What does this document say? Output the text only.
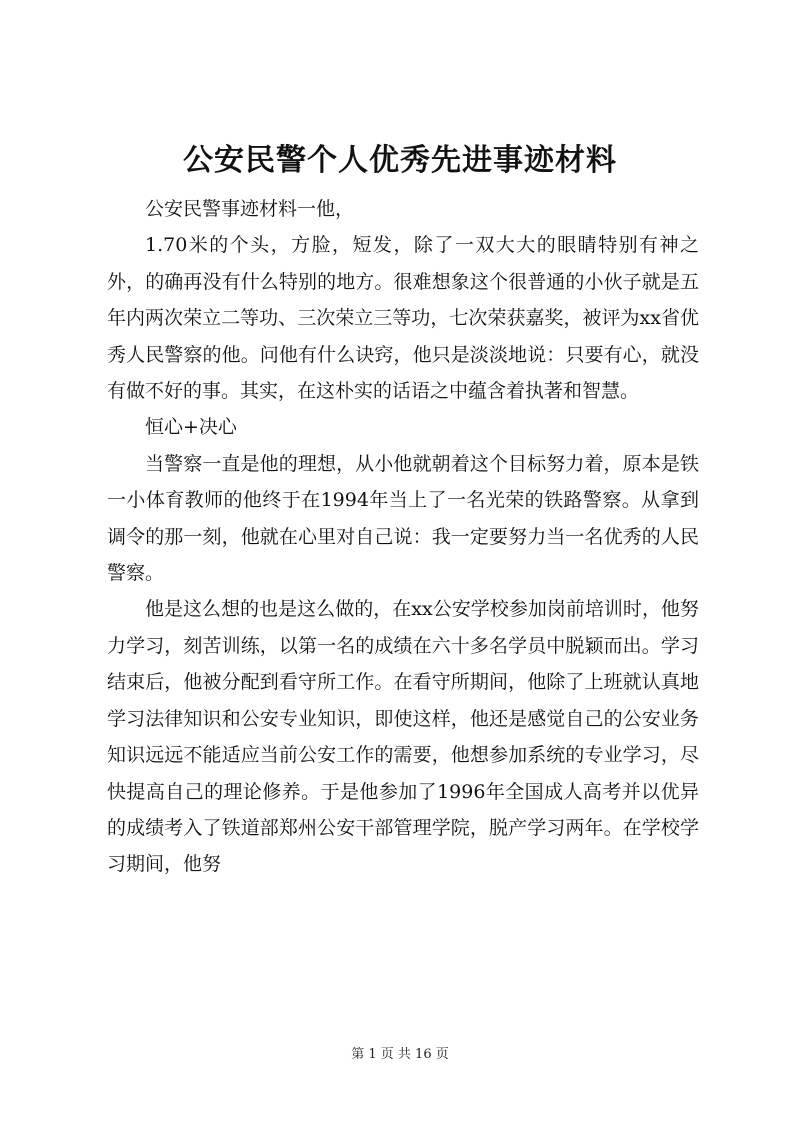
公安民警个人优秀先进事迹材料

公安民警事迹材料一他，

1.70米的个头，方脸，短发，除了一双大大的眼睛特别有神之外，的确再没有什么特别的地方。很难想象这个很普通的小伙子就是五年内两次荣立二等功、三次荣立三等功，七次荣获嘉奖，被评为xx省优秀人民警察的他。问他有什么诀窍，他只是淡淡地说：只要有心，就没有做不好的事。其实，在这朴实的话语之中蕴含着执著和智慧。

恒心+决心

当警察一直是他的理想，从小他就朝着这个目标努力着，原本是铁一小体育教师的他终于在1994年当上了一名光荣的铁路警察。从拿到调令的那一刻，他就在心里对自己说：我一定要努力当一名优秀的人民警察。

他是这么想的也是这么做的，在xx公安学校参加岗前培训时，他努力学习，刻苦训练，以第一名的成绩在六十多名学员中脱颖而出。学习结束后，他被分配到看守所工作。在看守所期间，他除了上班就认真地学习法律知识和公安专业知识，即使这样，他还是感觉自己的公安业务知识远远不能适应当前公安工作的需要，他想参加系统的专业学习，尽快提高自己的理论修养。于是他参加了1996年全国成人高考并以优异的成绩考入了铁道部郑州公安干部管理学院，脱产学习两年。在学校学习期间，他努

第 1 页 共 16 页
